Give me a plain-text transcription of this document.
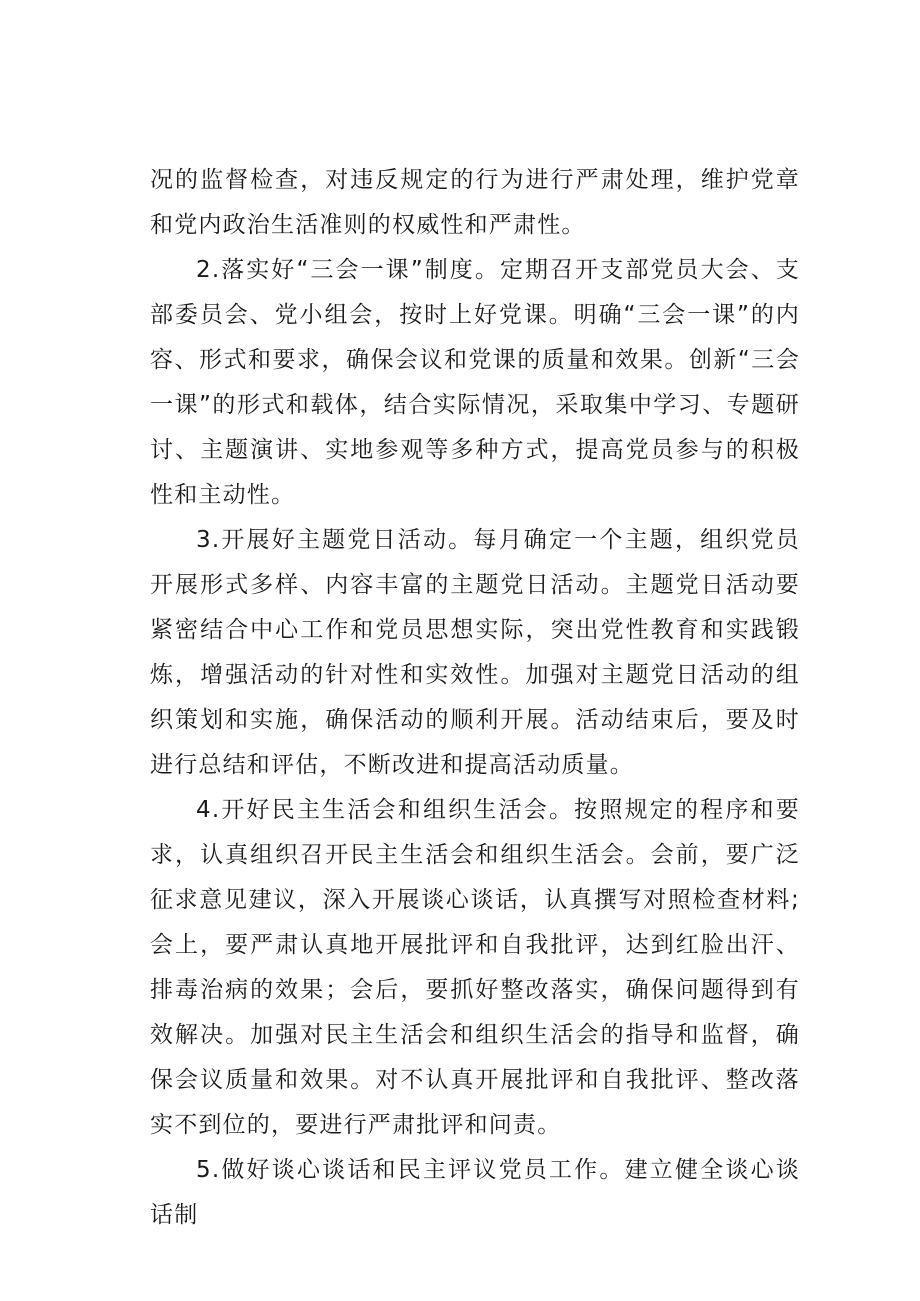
况的监督检查，对违反规定的行为进行严肃处理，维护党章和党内政治生活准则的权威性和严肃性。

2.落实好“三会一课”制度。定期召开支部党员大会、支部委员会、党小组会，按时上好党课。明确“三会一课”的内容、形式和要求，确保会议和党课的质量和效果。创新“三会一课”的形式和载体，结合实际情况，采取集中学习、专题研讨、主题演讲、实地参观等多种方式，提高党员参与的积极性和主动性。

3.开展好主题党日活动。每月确定一个主题，组织党员开展形式多样、内容丰富的主题党日活动。主题党日活动要紧密结合中心工作和党员思想实际，突出党性教育和实践锻炼，增强活动的针对性和实效性。加强对主题党日活动的组织策划和实施，确保活动的顺利开展。活动结束后，要及时进行总结和评估，不断改进和提高活动质量。

4.开好民主生活会和组织生活会。按照规定的程序和要求，认真组织召开民主生活会和组织生活会。会前，要广泛征求意见建议，深入开展谈心谈话，认真撰写对照检查材料;会上，要严肃认真地开展批评和自我批评，达到红脸出汗、排毒治病的效果；会后，要抓好整改落实，确保问题得到有效解决。加强对民主生活会和组织生活会的指导和监督，确保会议质量和效果。对不认真开展批评和自我批评、整改落实不到位的，要进行严肃批评和问责。

5.做好谈心谈话和民主评议党员工作。建立健全谈心谈话制
